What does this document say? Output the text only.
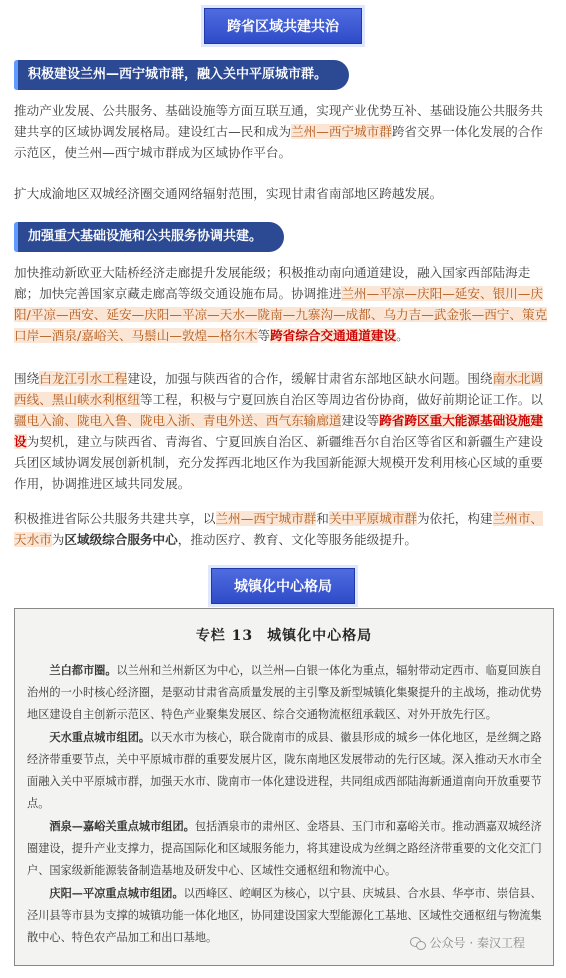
跨省区域共建共治
积极建设兰州—西宁城市群，融入关中平原城市群。
推动产业发展、公共服务、基础设施等方面互联互通，实现产业优势互补、基础设施公共服务共建共享的区域协调发展格局。建设红古—民和成为兰州—西宁城市群跨省交界一体化发展的合作示范区，使兰州—西宁城市群成为区域协作平台。
扩大成渝地区双城经济圈交通网络辐射范围，实现甘肃省南部地区跨越发展。
加强重大基础设施和公共服务协调共建。
加快推动新欧亚大陆桥经济走廊提升发展能级；积极推动南向通道建设，融入国家西部陆海走廊；加快完善国家京藏走廊高等级交通设施布局。协调推进兰州—平凉—庆阳—延安、银川—庆阳/平凉—西安、延安—庆阳—平凉—天水—陇南—九寨沟—成都、乌力吉—武金张—西宁、策克口岸—酒泉/嘉峪关、马鬃山—敦煌—格尔木等跨省综合交通通道建设。
围绕白龙江引水工程建设，加强与陕西省的合作，缓解甘肃省东部地区缺水问题。围绕南水北调西线、黑山峡水利枢纽等工程，积极与宁夏回族自治区等周边省份协商，做好前期论证工作。以疆电入渝、陇电入鲁、陇电入浙、青电外送、西气东输廊道建设等跨省跨区重大能源基础设施建设为契机，建立与陕西省、青海省、宁夏回族自治区、新疆维吾尔自治区等省区和新疆生产建设兵团区域协调发展创新机制，充分发挥西北地区作为我国新能源大规模开发利用核心区域的重要作用，协调推进区域共同发展。
积极推进省际公共服务共建共享，以兰州—西宁城市群和关中平原城市群为依托，构建兰州市、天水市为区域级综合服务中心，推动医疗、教育、文化等服务能级提升。
城镇化中心格局
专栏 13 城镇化中心格局

兰白都市圈。以兰州和兰州新区为中心，以兰州—白银一体化为重点，辐射带动定西市、临夏回族自治州的一小时核心经济圈，是驱动甘肃省高质量发展的主引擎及新型城镇化集聚提升的主战场，推动优势地区建设自主创新示范区、特色产业聚集发展区、综合交通物流枢纽承载区、对外开放先行区。

天水重点城市组团。以天水市为核心，联合陇南市的成县、徽县形成的城乡一体化地区，是丝绸之路经济带重要节点，关中平原城市群的重要发展片区，陇东南地区发展带动的先行区域。深入推动天水市全面融入关中平原城市群，加强天水市、陇南市一体化建设进程，共同组成西部陆海新通道南向开放重要节点。

酒泉—嘉峪关重点城市组团。包括酒泉市的肃州区、金塔县、玉门市和嘉峪关市。推动酒嘉双城经济圈建设，提升产业支撑力，提高国际化和区域服务能力，将其建设成为丝绸之路经济带重要的文化交汇门户、国家级新能源装备制造基地及研发中心、区域性交通枢纽和物流中心。

庆阳—平凉重点城市组团。以西峰区、崆峒区为核心，以宁县、庆城县、合水县、华亭市、崇信县、泾川县等市县为支撑的城镇功能一体化地区，协同建设国家大型能源化工基地、区域性交通枢纽与物流集散中心、特色农产品加工和出口基地。	公众号 · 秦汉工程
